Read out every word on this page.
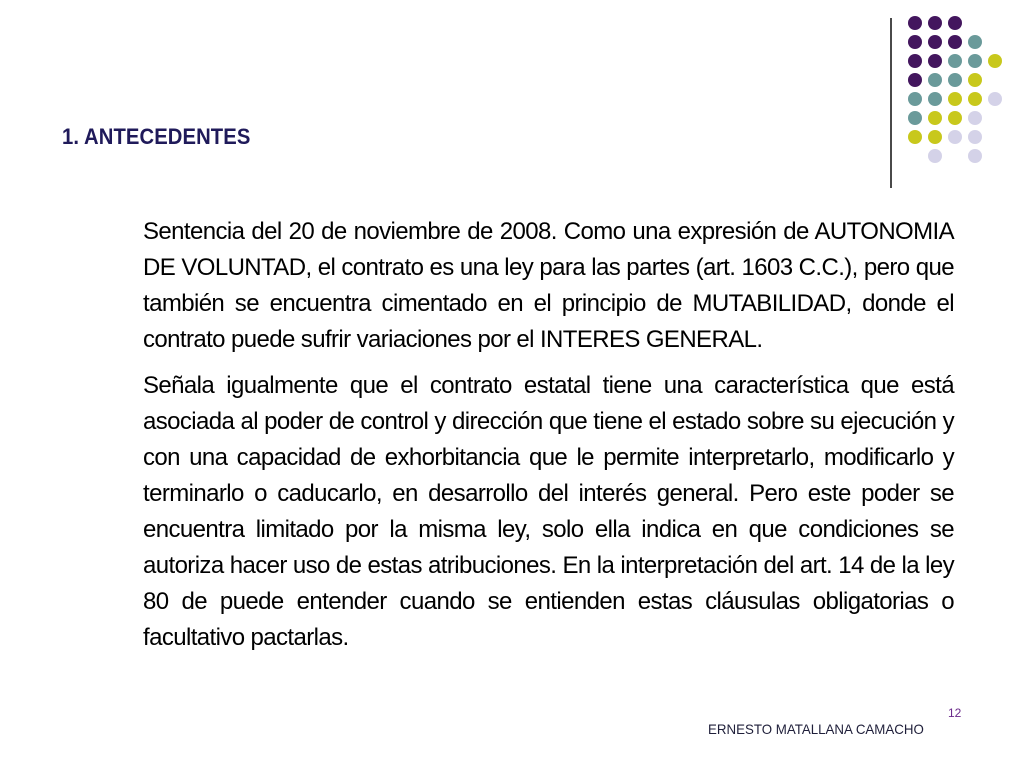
1. ANTECEDENTES

Sentencia del 20 de noviembre de 2008. Como una expresión de AUTONOMIA DE VOLUNTAD, el contrato es una ley para las partes (art. 1603 C.C.), pero que también se encuentra cimentado en el principio de MUTABILIDAD, donde el contrato puede sufrir variaciones por el INTERES GENERAL.

Señala igualmente que el contrato estatal tiene una característica que está asociada al poder de control y dirección que tiene el estado sobre su ejecución y con una capacidad de exhorbitancia que le permite interpretarlo, modificarlo y terminarlo o caducarlo, en desarrollo del interés general. Pero este poder se encuentra limitado por la misma ley, solo ella indica en que condiciones se autoriza hacer uso de estas atribuciones. En la interpretación del art. 14 de la ley 80 de puede entender cuando se entienden estas cláusulas obligatorias o facultativo pactarlas.

12
ERNESTO MATALLANA CAMACHO
